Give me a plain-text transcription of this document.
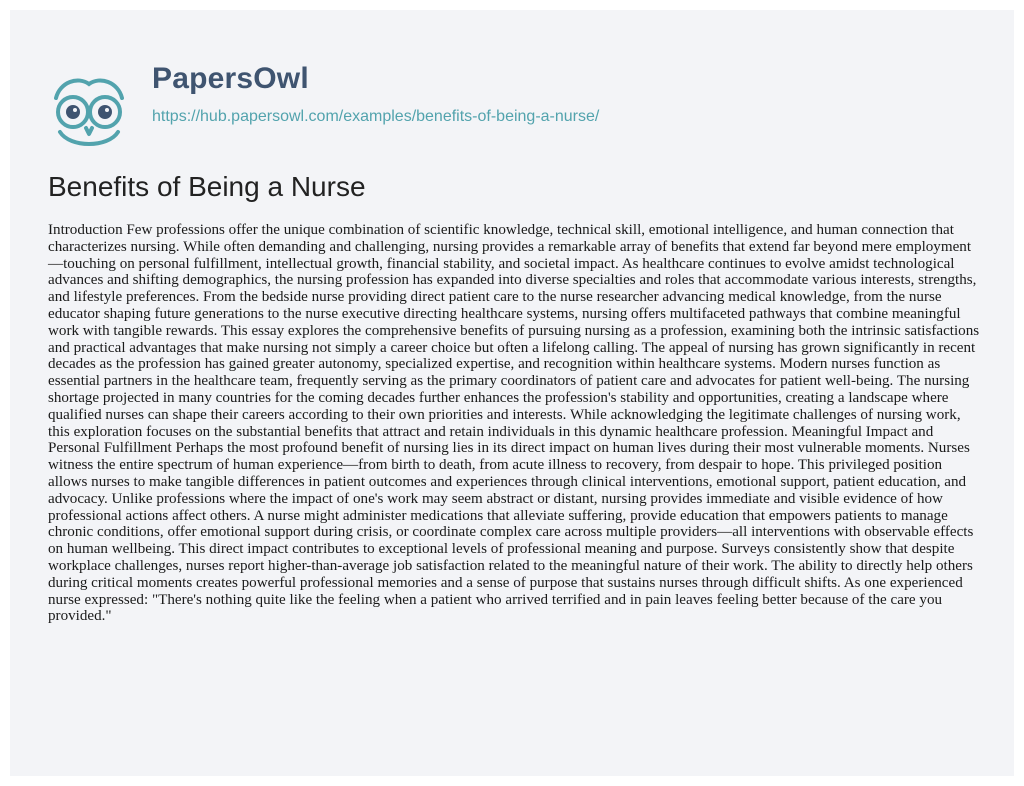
PapersOwl
https://hub.papersowl.com/examples/benefits-of-being-a-nurse/
Benefits of Being a Nurse

Introduction Few professions offer the unique combination of scientific knowledge, technical skill, emotional intelligence, and human connection that characterizes nursing. While often demanding and challenging, nursing provides a remarkable array of benefits that extend far beyond mere employment—touching on personal fulfillment, intellectual growth, financial stability, and societal impact. As healthcare continues to evolve amidst technological advances and shifting demographics, the nursing profession has expanded into diverse specialties and roles that accommodate various interests, strengths, and lifestyle preferences. From the bedside nurse providing direct patient care to the nurse researcher advancing medical knowledge, from the nurse educator shaping future generations to the nurse executive directing healthcare systems, nursing offers multifaceted pathways that combine meaningful work with tangible rewards. This essay explores the comprehensive benefits of pursuing nursing as a profession, examining both the intrinsic satisfactions and practical advantages that make nursing not simply a career choice but often a lifelong calling. The appeal of nursing has grown significantly in recent decades as the profession has gained greater autonomy, specialized expertise, and recognition within healthcare systems. Modern nurses function as essential partners in the healthcare team, frequently serving as the primary coordinators of patient care and advocates for patient well-being. The nursing shortage projected in many countries for the coming decades further enhances the profession's stability and opportunities, creating a landscape where qualified nurses can shape their careers according to their own priorities and interests. While acknowledging the legitimate challenges of nursing work, this exploration focuses on the substantial benefits that attract and retain individuals in this dynamic healthcare profession. Meaningful Impact and Personal Fulfillment Perhaps the most profound benefit of nursing lies in its direct impact on human lives during their most vulnerable moments. Nurses witness the entire spectrum of human experience—from birth to death, from acute illness to recovery, from despair to hope. This privileged position allows nurses to make tangible differences in patient outcomes and experiences through clinical interventions, emotional support, patient education, and advocacy. Unlike professions where the impact of one's work may seem abstract or distant, nursing provides immediate and visible evidence of how professional actions affect others. A nurse might administer medications that alleviate suffering, provide education that empowers patients to manage chronic conditions, offer emotional support during crisis, or coordinate complex care across multiple providers—all interventions with observable effects on human wellbeing. This direct impact contributes to exceptional levels of professional meaning and purpose. Surveys consistently show that despite workplace challenges, nurses report higher-than-average job satisfaction related to the meaningful nature of their work. The ability to directly help others during critical moments creates powerful professional memories and a sense of purpose that sustains nurses through difficult shifts. As one experienced nurse expressed: "There's nothing quite like the feeling when a patient who arrived terrified and in pain leaves feeling better because of the care you provided."
